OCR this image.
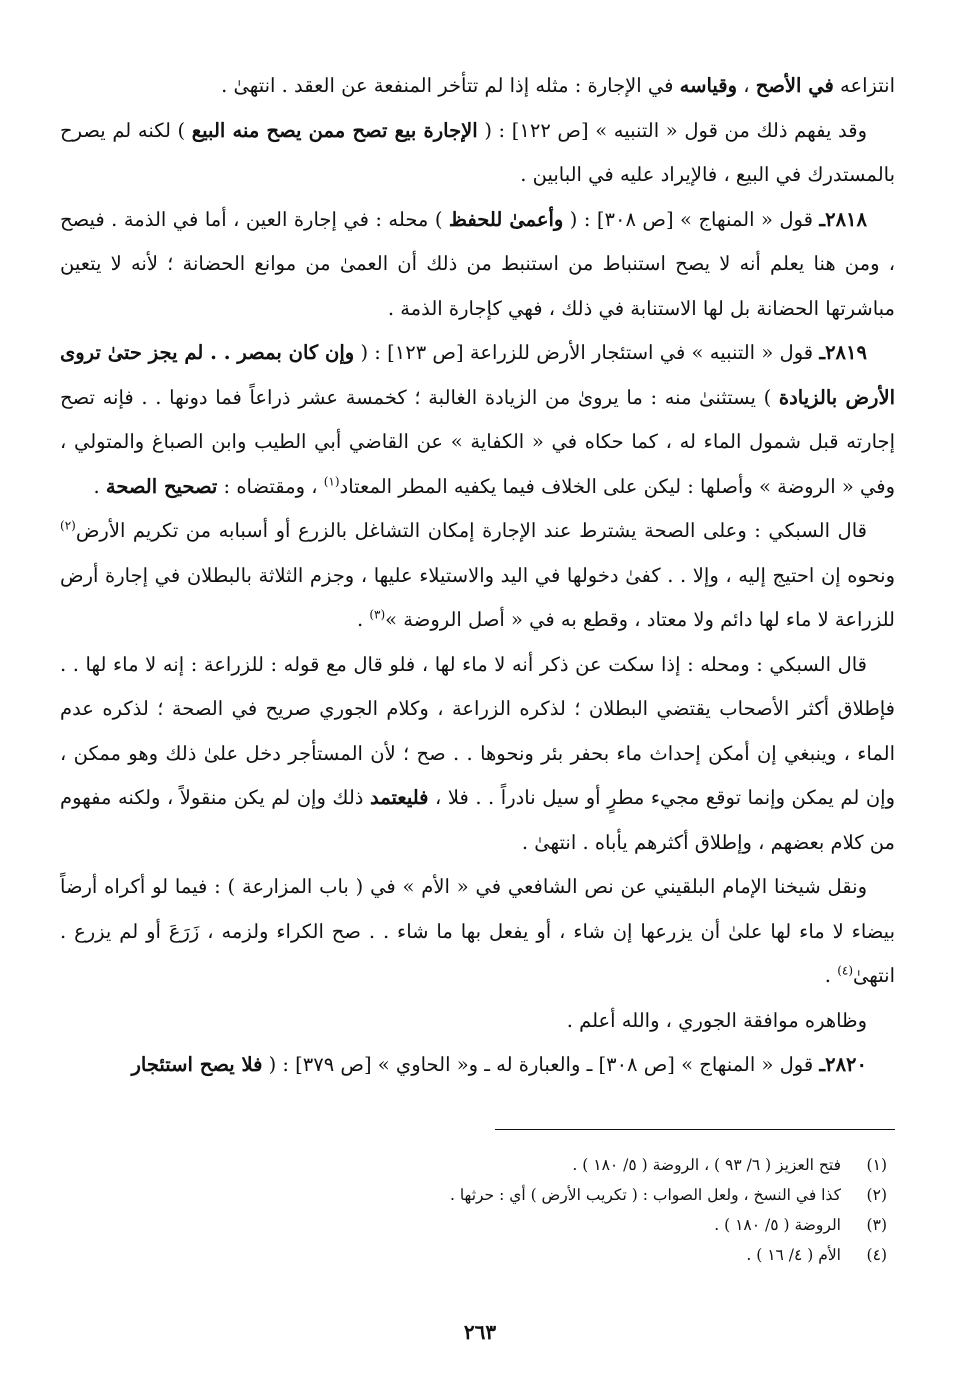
انتزاعه في الأصح ، وقياسه في الإجارة : مثله إذا لم تتأخر المنفعة عن العقد . انتهىٰ .

وقد يفهم ذلك من قول « التنبيه » [ص ١٢٢] : ( الإجارة بيع تصح ممن يصح منه البيع ) لكنه لم يصرح بالمستدرك في البيع ، فالإيراد عليه في البابين .

٢٨١٨ـ قول « المنهاج » [ص ٣٠٨] : ( وأعمىٰ للحفظ ) محله : في إجارة العين ، أما في الذمة . فيصح ، ومن هنا يعلم أنه لا يصح استنباط من استنبط من ذلك أن العمىٰ من موانع الحضانة ؛ لأنه لا يتعين مباشرتها الحضانة بل لها الاستنابة في ذلك ، فهي كإجارة الذمة .

٢٨١٩ـ قول « التنبيه » في استئجار الأرض للزراعة [ص ١٢٣] : ( وإن كان بمصر . . لم يجز حتىٰ تروى الأرض بالزيادة ) يستثنىٰ منه : ما يروىٰ من الزيادة الغالبة ؛ كخمسة عشر ذراعاً فما دونها . . فإنه تصح إجارته قبل شمول الماء له ، كما حكاه في « الكفاية » عن القاضي أبي الطيب وابن الصباغ والمتولي ، وفي « الروضة » وأصلها : ليكن على الخلاف فيما يكفيه المطر المعتاد$^{(١)}$ ، ومقتضاه : تصحيح الصحة .

قال السبكي : وعلى الصحة يشترط عند الإجارة إمكان التشاغل بالزرع أو أسبابه من تكريم الأرض$^{(٢)}$ ونحوه إن احتيج إليه ، وإلا . . كفىٰ دخولها في اليد والاستيلاء عليها ، وجزم الثلاثة بالبطلان في إجارة أرض للزراعة لا ماء لها دائم ولا معتاد ، وقطع به في « أصل الروضة »$^{(٣)}$ .

قال السبكي : ومحله : إذا سكت عن ذكر أنه لا ماء لها ، فلو قال مع قوله : للزراعة : إنه لا ماء لها . . فإطلاق أكثر الأصحاب يقتضي البطلان ؛ لذكره الزراعة ، وكلام الجوري صريح في الصحة ؛ لذكره عدم الماء ، وينبغي إن أمكن إحداث ماء بحفر بئر ونحوها . . صح ؛ لأن المستأجر دخل علىٰ ذلك وهو ممكن ، وإن لم يمكن وإنما توقع مجيء مطرٍ أو سيل نادراً . . فلا ، فليعتمد ذلك وإن لم يكن منقولاً ، ولكنه مفهوم من كلام بعضهم ، وإطلاق أكثرهم يأباه . انتهىٰ .

ونقل شيخنا الإمام البلقيني عن نص الشافعي في « الأم » في ( باب المزارعة ) : فيما لو أكراه أرضاً بيضاء لا ماء لها علىٰ أن يزرعها إن شاء ، أو يفعل بها ما شاء . . صح الكراء ولزمه ، زَرَعَ أو لم يزرع . انتهىٰ$^{(٤)}$ .

وظاهره موافقة الجوري ، والله أعلم .

٢٨٢٠ـ قول « المنهاج » [ص ٣٠٨] ـ والعبارة له ـ و« الحاوي » [ص ٣٧٩] : ( فلا يصح استئجار

(١)
فتح العزيز ( ٦/ ٩٣ ) ، الروضة ( ٥/ ١٨٠ ) .

(٢)
كذا في النسخ ، ولعل الصواب : ( تكريب الأرض ) أي : حرثها .

(٣)
الروضة ( ٥/ ١٨٠ ) .

(٤)
الأم ( ٤/ ١٦ ) .

٢٦٣
